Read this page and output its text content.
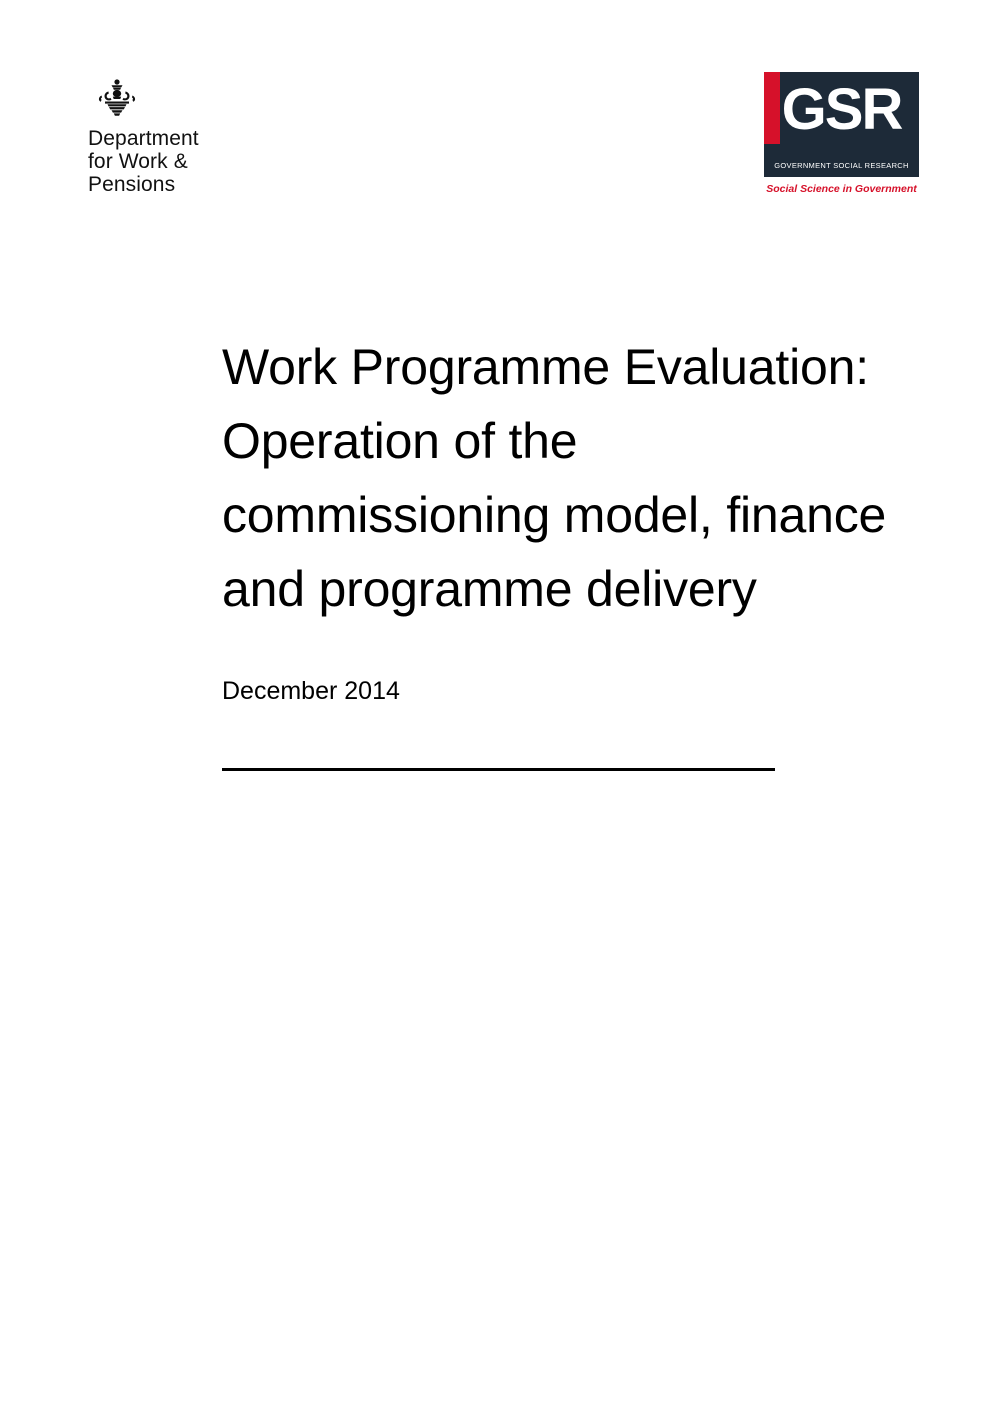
Department
for Work &
Pensions
GSR
GOVERNMENT SOCIAL RESEARCH
Social Science in Government
Work Programme Evaluation: Operation of the commissioning model, finance and programme delivery
December 2014
